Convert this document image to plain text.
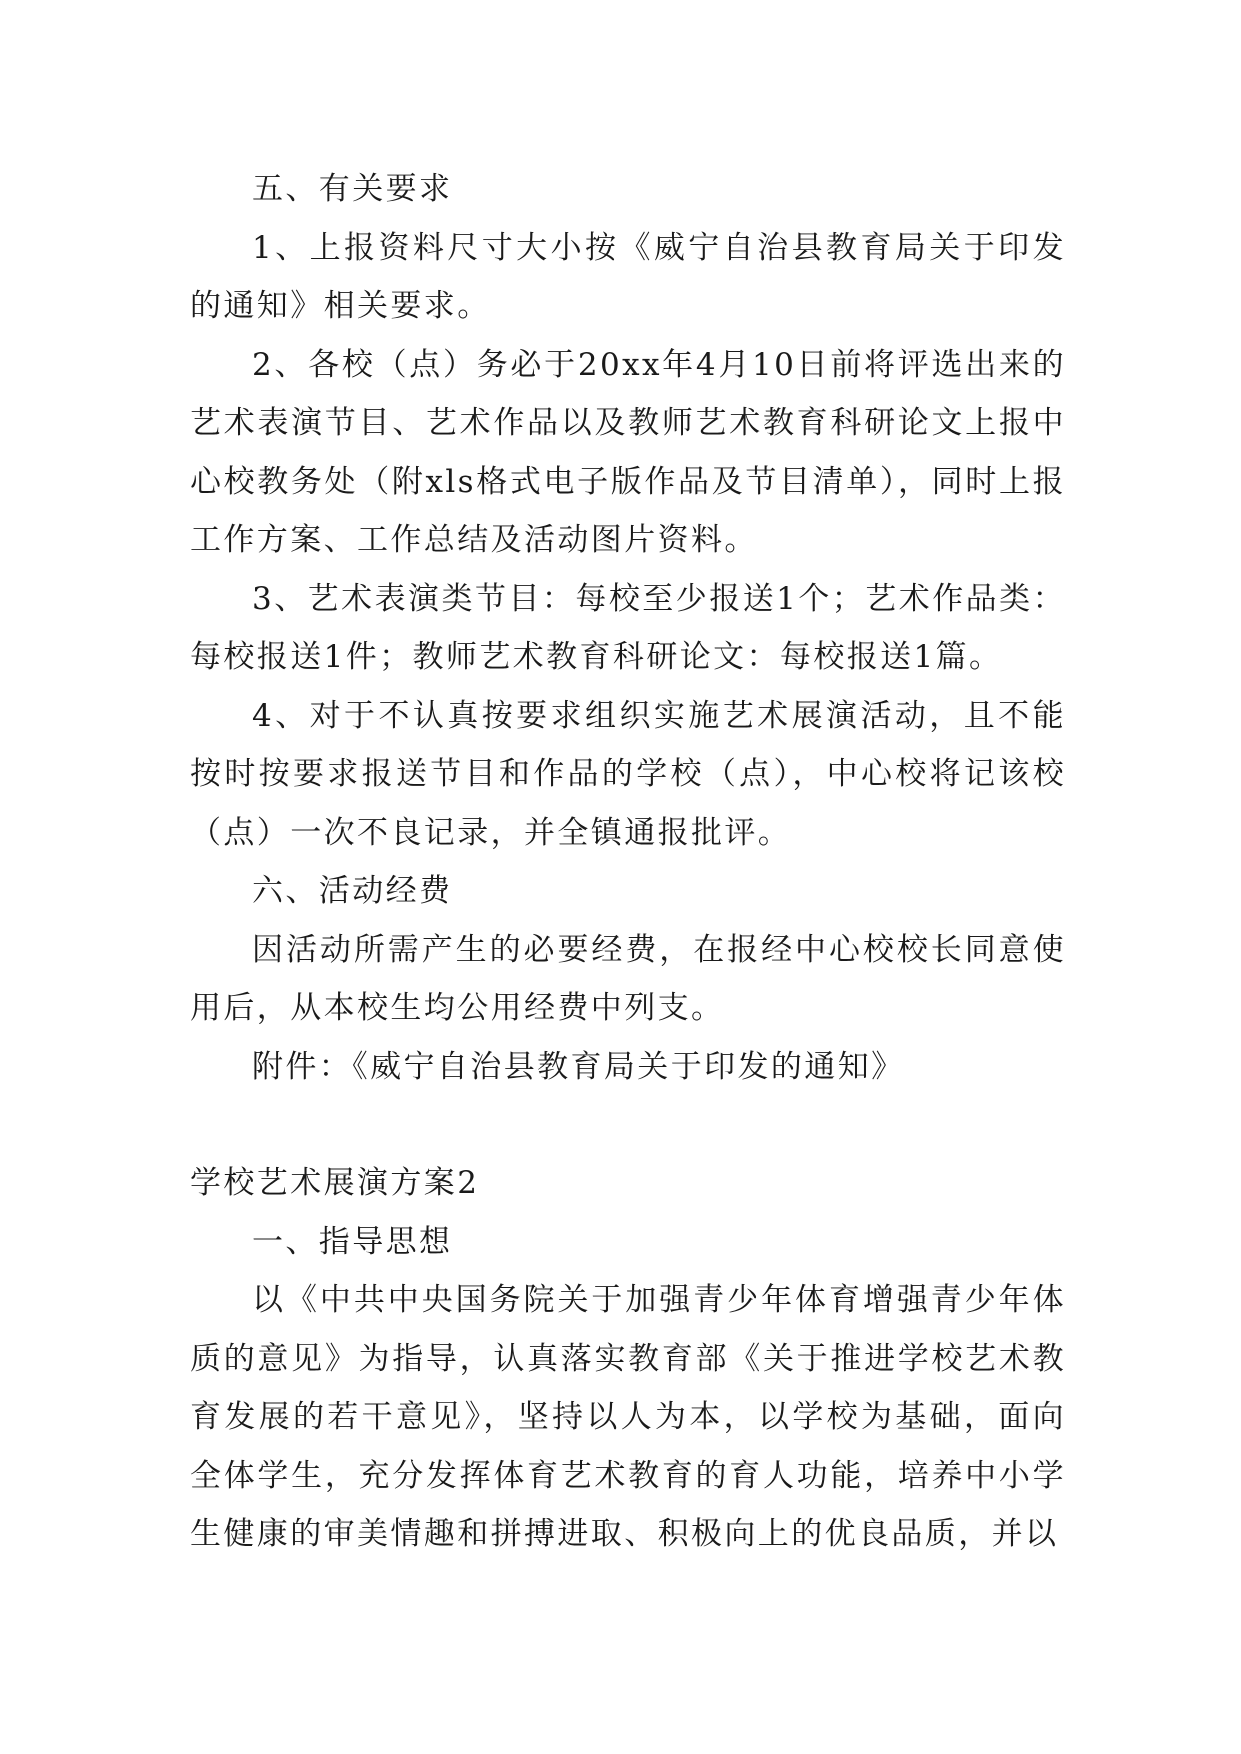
五、有关要求

1、上报资料尺寸大小按《威宁自治县教育局关于印发的通知》相关要求。

2、各校（点）务必于20xx年4月10日前将评选出来的艺术表演节目、艺术作品以及教师艺术教育科研论文上报中心校教务处（附xls格式电子版作品及节目清单），同时上报工作方案、工作总结及活动图片资料。

3、艺术表演类节目：每校至少报送1个；艺术作品类：每校报送1件；教师艺术教育科研论文：每校报送1篇。

4、对于不认真按要求组织实施艺术展演活动，且不能按时按要求报送节目和作品的学校（点），中心校将记该校（点）一次不良记录，并全镇通报批评。

六、活动经费

因活动所需产生的必要经费，在报经中心校校长同意使用后，从本校生均公用经费中列支。

附件：《威宁自治县教育局关于印发的通知》

学校艺术展演方案2

一、指导思想

以《中共中央国务院关于加强青少年体育增强青少年体质的意见》为指导，认真落实教育部《关于推进学校艺术教育发展的若干意见》，坚持以人为本，以学校为基础，面向全体学生，充分发挥体育艺术教育的育人功能，培养中小学生健康的审美情趣和拼搏进取、积极向上的优良品质，并以
